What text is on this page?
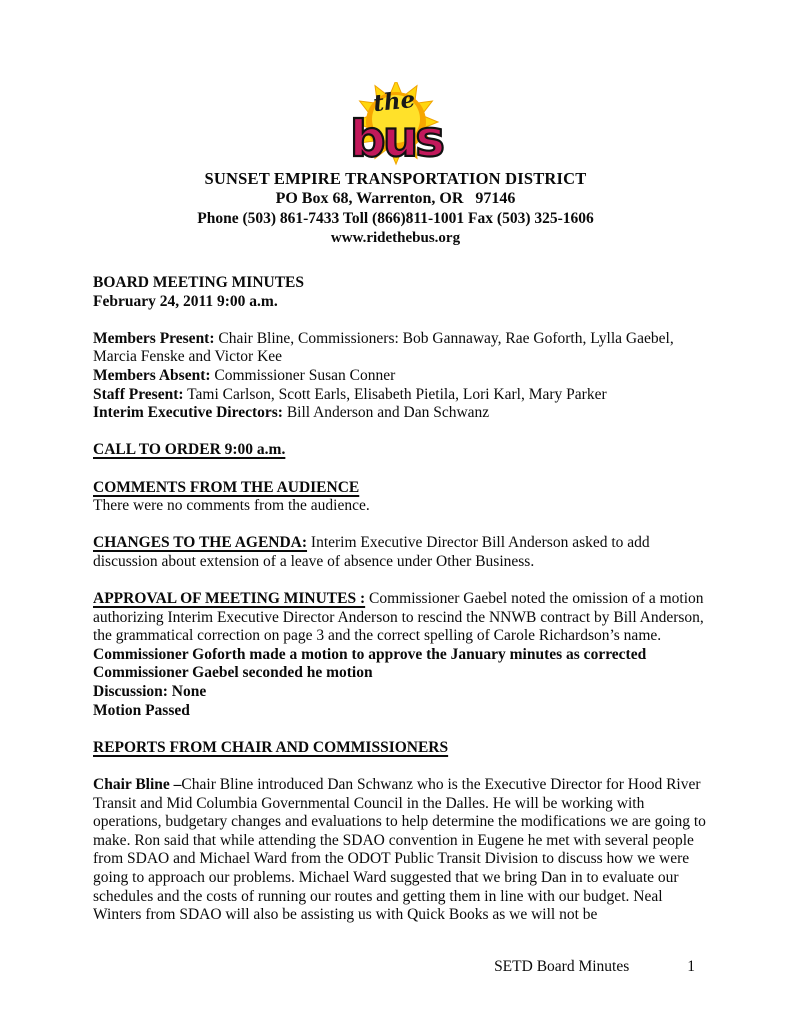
the
bus
SUNSET EMPIRE TRANSPORTATION DISTRICT
PO Box 68, Warrenton, OR   97146
Phone (503) 861-7433 Toll (866)811-1001 Fax (503) 325-1606
www.ridethebus.org

BOARD MEETING MINUTES

February 24, 2011 9:00 a.m.

Members Present: Chair Bline, Commissioners: Bob Gannaway, Rae Goforth, Lylla Gaebel, Marcia Fenske and Victor Kee

Members Absent: Commissioner Susan Conner

Staff Present: Tami Carlson, Scott Earls, Elisabeth Pietila, Lori Karl, Mary Parker

Interim Executive Directors: Bill Anderson and Dan Schwanz

CALL TO ORDER 9:00 a.m.

COMMENTS FROM THE AUDIENCE

There were no comments from the audience.

CHANGES TO THE AGENDA: Interim Executive Director Bill Anderson asked to add discussion about extension of a leave of absence under Other Business.

APPROVAL OF MEETING MINUTES : Commissioner Gaebel noted the omission of a motion authorizing Interim Executive Director Anderson to rescind the NNWB contract by Bill Anderson, the grammatical correction on page 3 and the correct spelling of Carole Richardson’s name.

Commissioner Goforth made a motion to approve the January minutes as corrected

Commissioner Gaebel seconded he motion

Discussion: None

Motion Passed

REPORTS FROM CHAIR AND COMMISSIONERS

Chair Bline –Chair Bline introduced Dan Schwanz who is the Executive Director for Hood River Transit and Mid Columbia Governmental Council in the Dalles. He will be working with operations, budgetary changes and evaluations to help determine the modifications we are going to make. Ron said that while attending the SDAO convention in Eugene he met with several people from SDAO and Michael Ward from the ODOT Public Transit Division to discuss how we were going to approach our problems. Michael Ward suggested that we bring Dan in to evaluate our schedules and the costs of running our routes and getting them in line with our budget. Neal Winters from SDAO will also be assisting us with Quick Books as we will not be

SETD Board Minutes	1
